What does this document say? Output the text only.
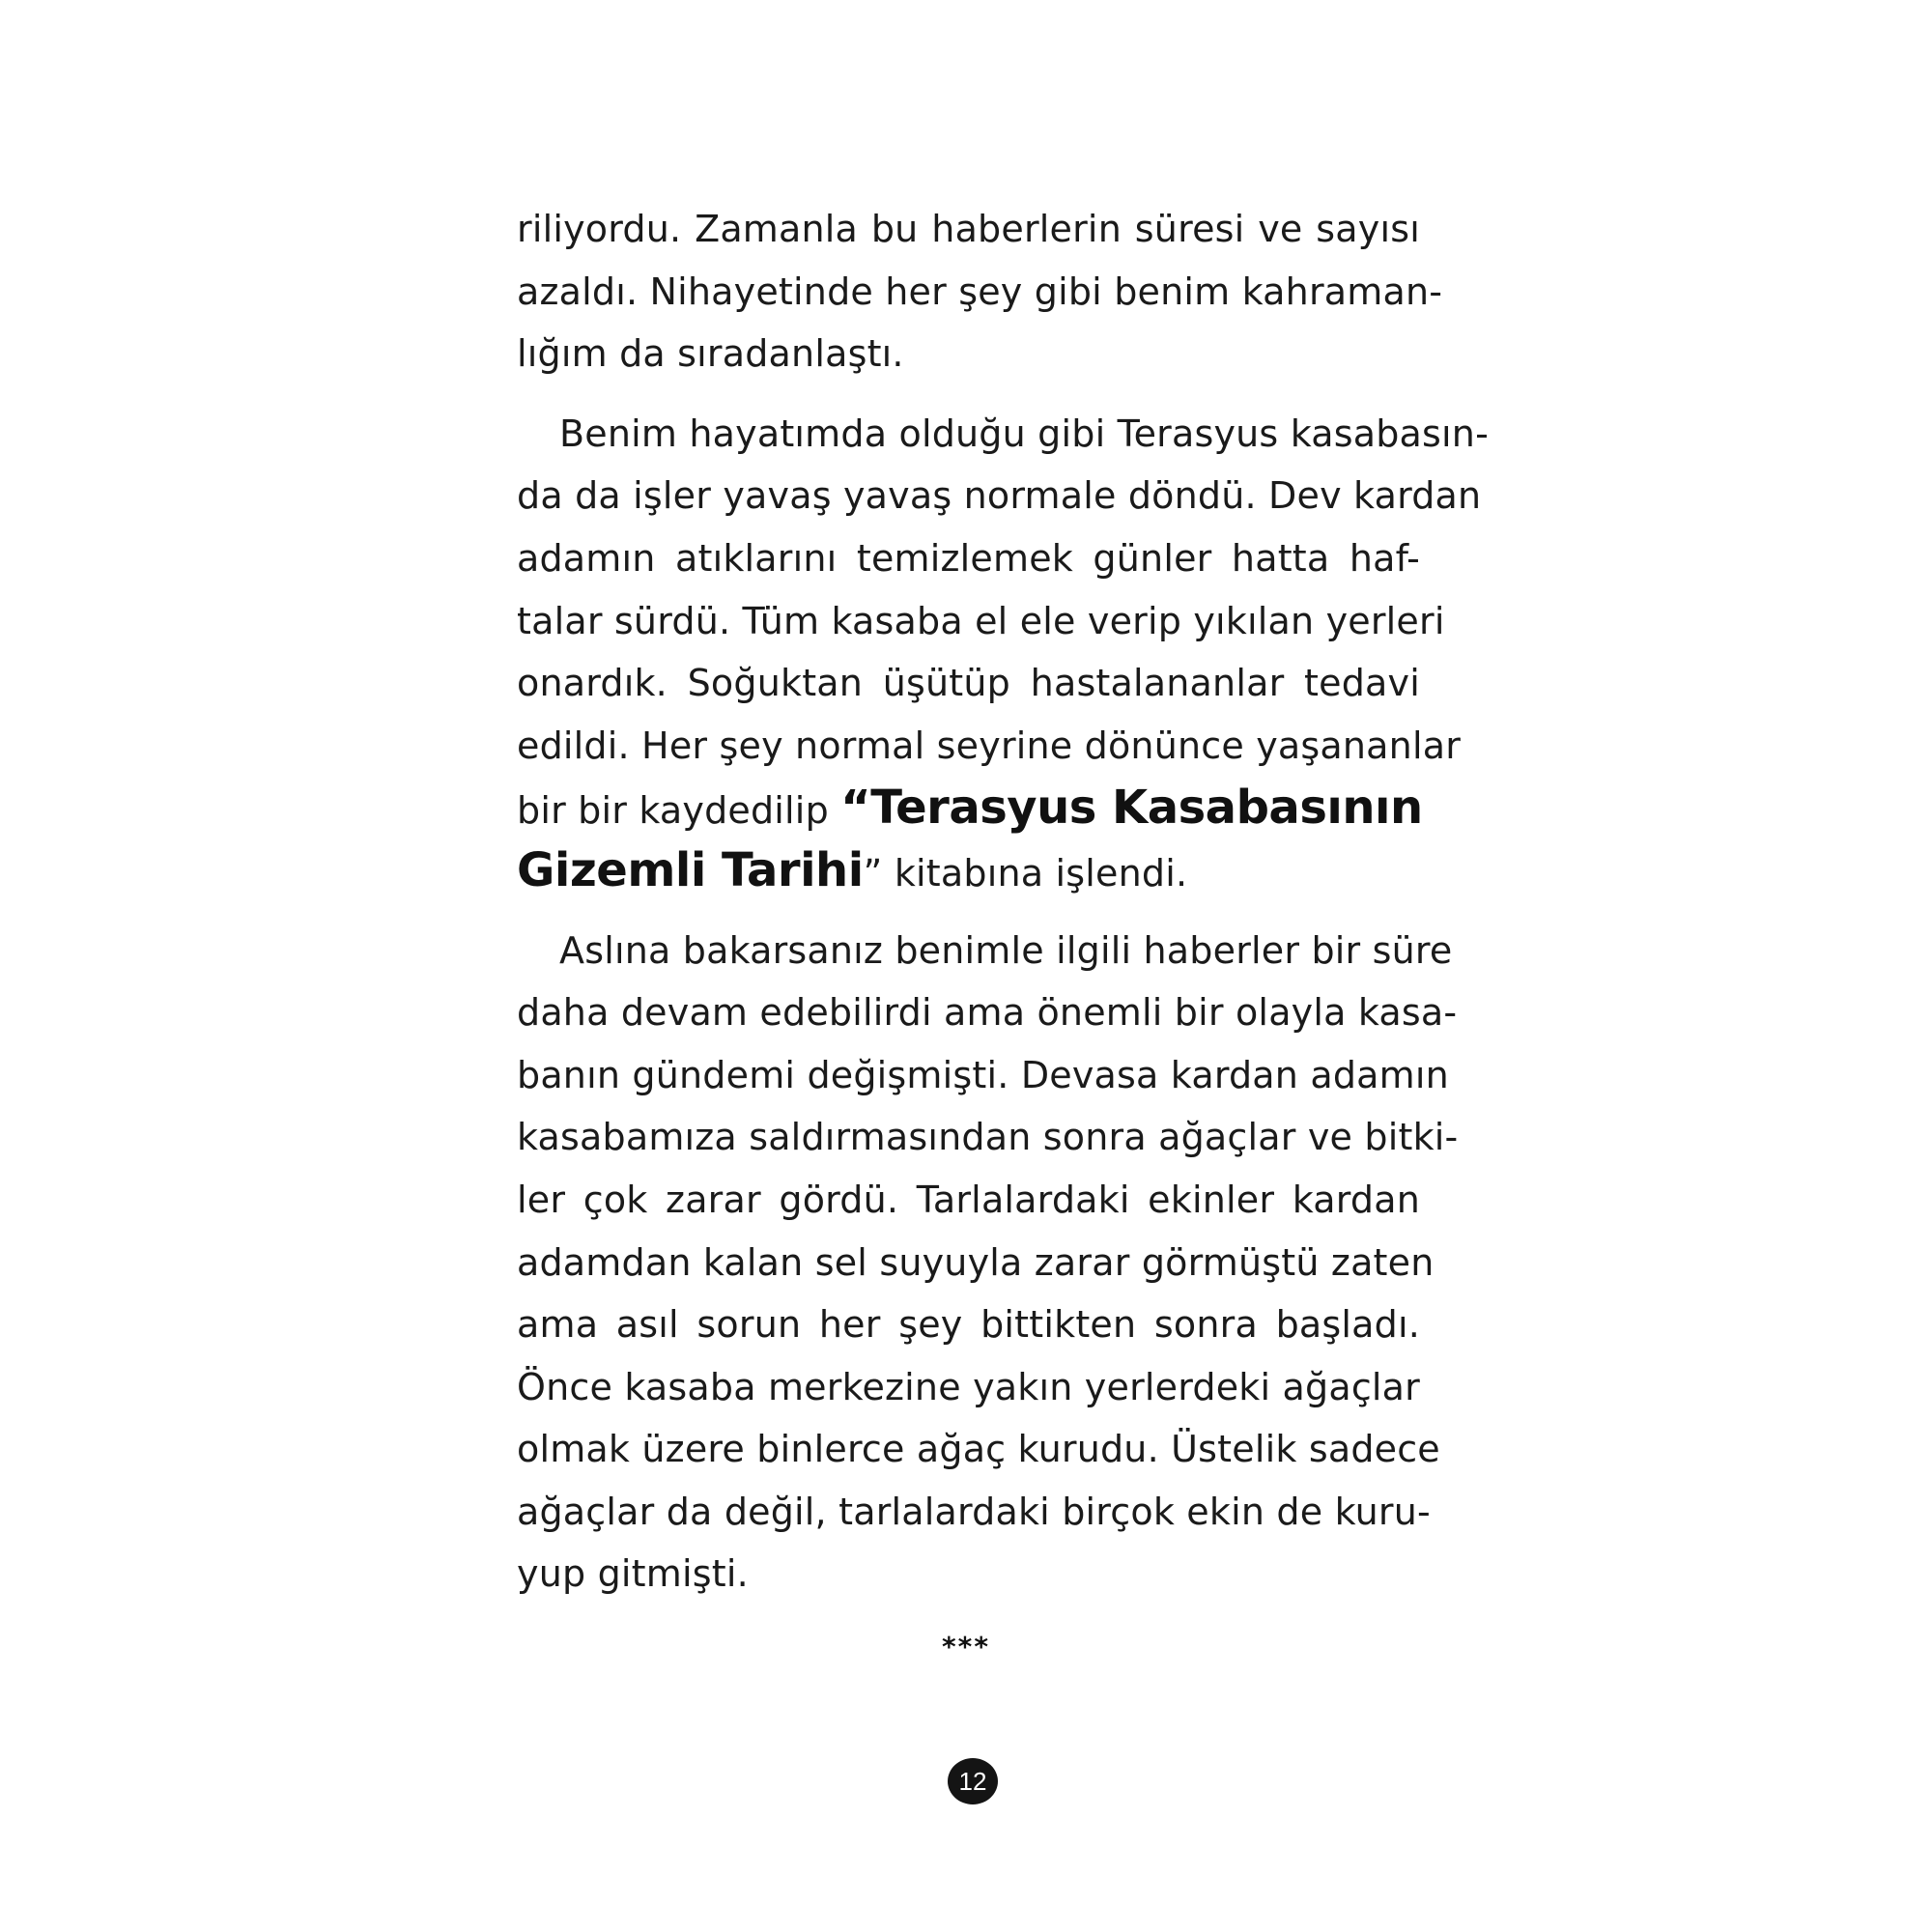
riliyordu. Zamanla bu haberlerin süresi ve sayısı
azaldı. Nihayetinde her şey gibi benim kahraman-
lığım da sıradanlaştı.
Benim hayatımda olduğu gibi Terasyus kasabasın-
da da işler yavaş yavaş normale döndü. Dev kardan
adamın atıklarını temizlemek günler hatta haf-
talar sürdü. Tüm kasaba el ele verip yıkılan yerleri
onardık. Soğuktan üşütüp hastalananlar tedavi
edildi. Her şey normal seyrine dönünce yaşananlar
bir bir kaydedilip “Terasyus Kasabasının
Gizemli Tarihi” kitabına işlendi.
Aslına bakarsanız benimle ilgili haberler bir süre
daha devam edebilirdi ama önemli bir olayla kasa-
banın gündemi değişmişti. Devasa kardan adamın
kasabamıza saldırmasından sonra ağaçlar ve bitki-
ler çok zarar gördü. Tarlalardaki ekinler kardan
adamdan kalan sel suyuyla zarar görmüştü zaten
ama asıl sorun her şey bittikten sonra başladı.
Önce kasaba merkezine yakın yerlerdeki ağaçlar
olmak üzere binlerce ağaç kurudu. Üstelik sadece
ağaçlar da değil, tarlalardaki birçok ekin de kuru-
yup gitmişti.
***
12
